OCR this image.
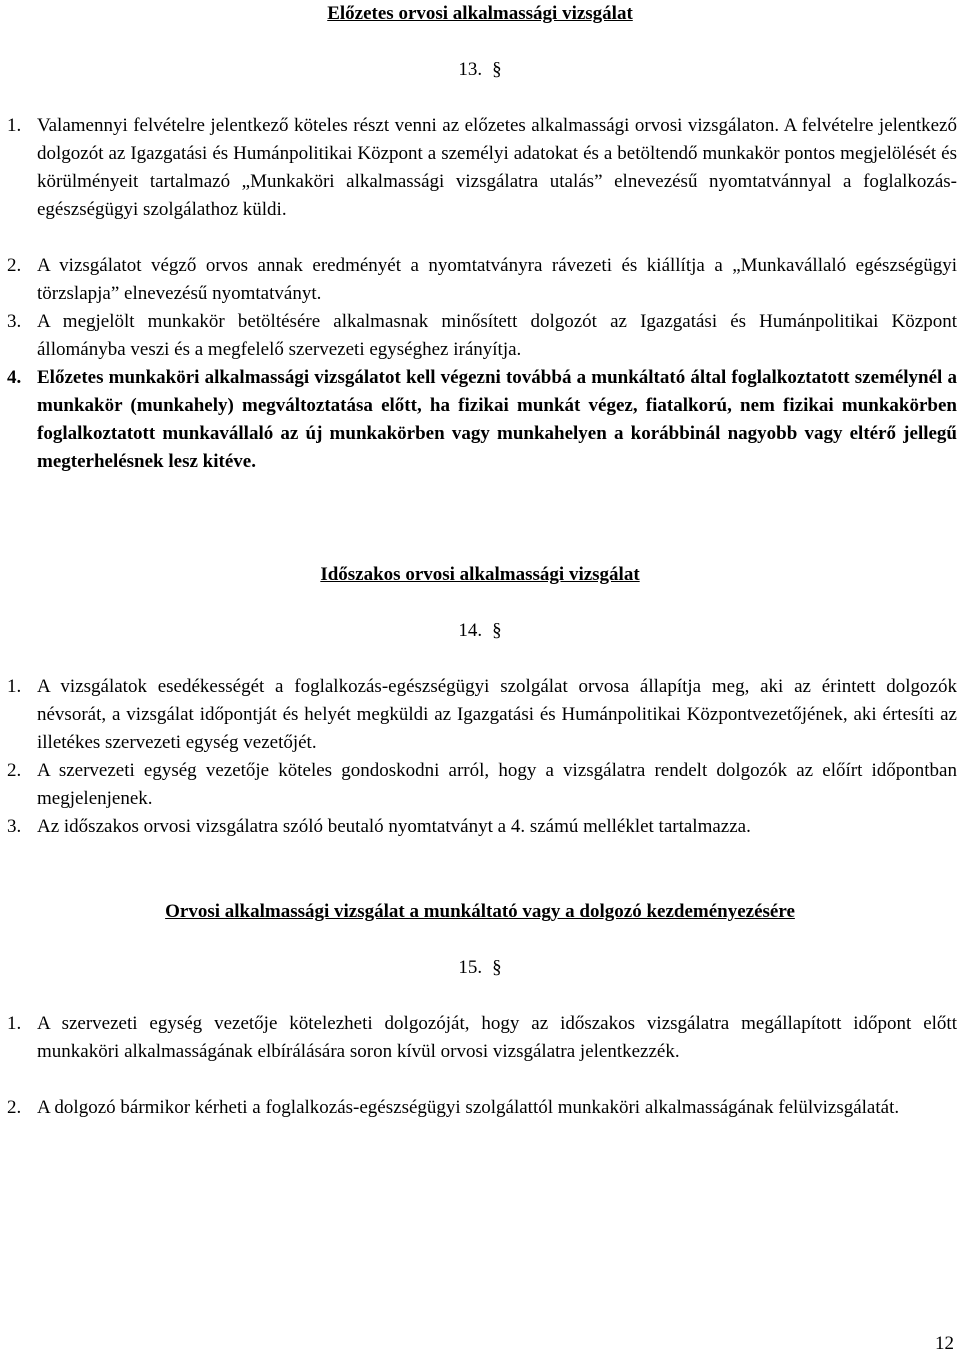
Előzetes orvosi alkalmassági vizsgálat
13. §
1. Valamennyi felvételre jelentkező köteles részt venni az előzetes alkalmassági orvosi vizsgálaton. A felvételre jelentkező dolgozót az Igazgatási és Humánpolitikai Központ a személyi adatokat és a betöltendő munkakör pontos megjelölését és körülményeit tartalmazó „Munkaköri alkalmassági vizsgálatra utalás” elnevezésű nyomtatvánnyal a foglalkozás-egészségügyi szolgálathoz küldi.
2. A vizsgálatot végző orvos annak eredményét a nyomtatványra rávezeti és kiállítja a „Munkavállaló egészségügyi törzslapja” elnevezésű nyomtatványt.
3. A megjelölt munkakör betöltésére alkalmasnak minősített dolgozót az Igazgatási és Humánpolitikai Központ állományba veszi és a megfelelő szervezeti egységhez irányítja.
4. Előzetes munkaköri alkalmassági vizsgálatot kell végezni továbbá a munkáltató által foglalkoztatott személynél a munkakör (munkahely) megváltoztatása előtt, ha fizikai munkát végez, fiatalkorú, nem fizikai munkakörben foglalkoztatott munkavállaló az új munkakörben vagy munkahelyen a korábbinál nagyobb vagy eltérő jellegű megterhelésnek lesz kitéve.
Időszakos orvosi alkalmassági vizsgálat
14. §
1. A vizsgálatok esedékességét a foglalkozás-egészségügyi szolgálat orvosa állapítja meg, aki az érintett dolgozók névsorát, a vizsgálat időpontját és helyét megküldi az Igazgatási és Humánpolitikai Központvezetőjének, aki értesíti az illetékes szervezeti egység vezetőjét.
2. A szervezeti egység vezetője köteles gondoskodni arról, hogy a vizsgálatra rendelt dolgozók az előírt időpontban megjelenjenek.
3. Az időszakos orvosi vizsgálatra szóló beutaló nyomtatványt a 4. számú melléklet tartalmazza.
Orvosi alkalmassági vizsgálat a munkáltató vagy a dolgozó kezdeményezésére
15. §
1. A szervezeti egység vezetője kötelezheti dolgozóját, hogy az időszakos vizsgálatra megállapított időpont előtt munkaköri alkalmasságának elbírálására soron kívül orvosi vizsgálatra jelentkezzék.
2. A dolgozó bármikor kérheti a foglalkozás-egészségügyi szolgálattól munkaköri alkalmasságának felülvizsgálatát.
12
